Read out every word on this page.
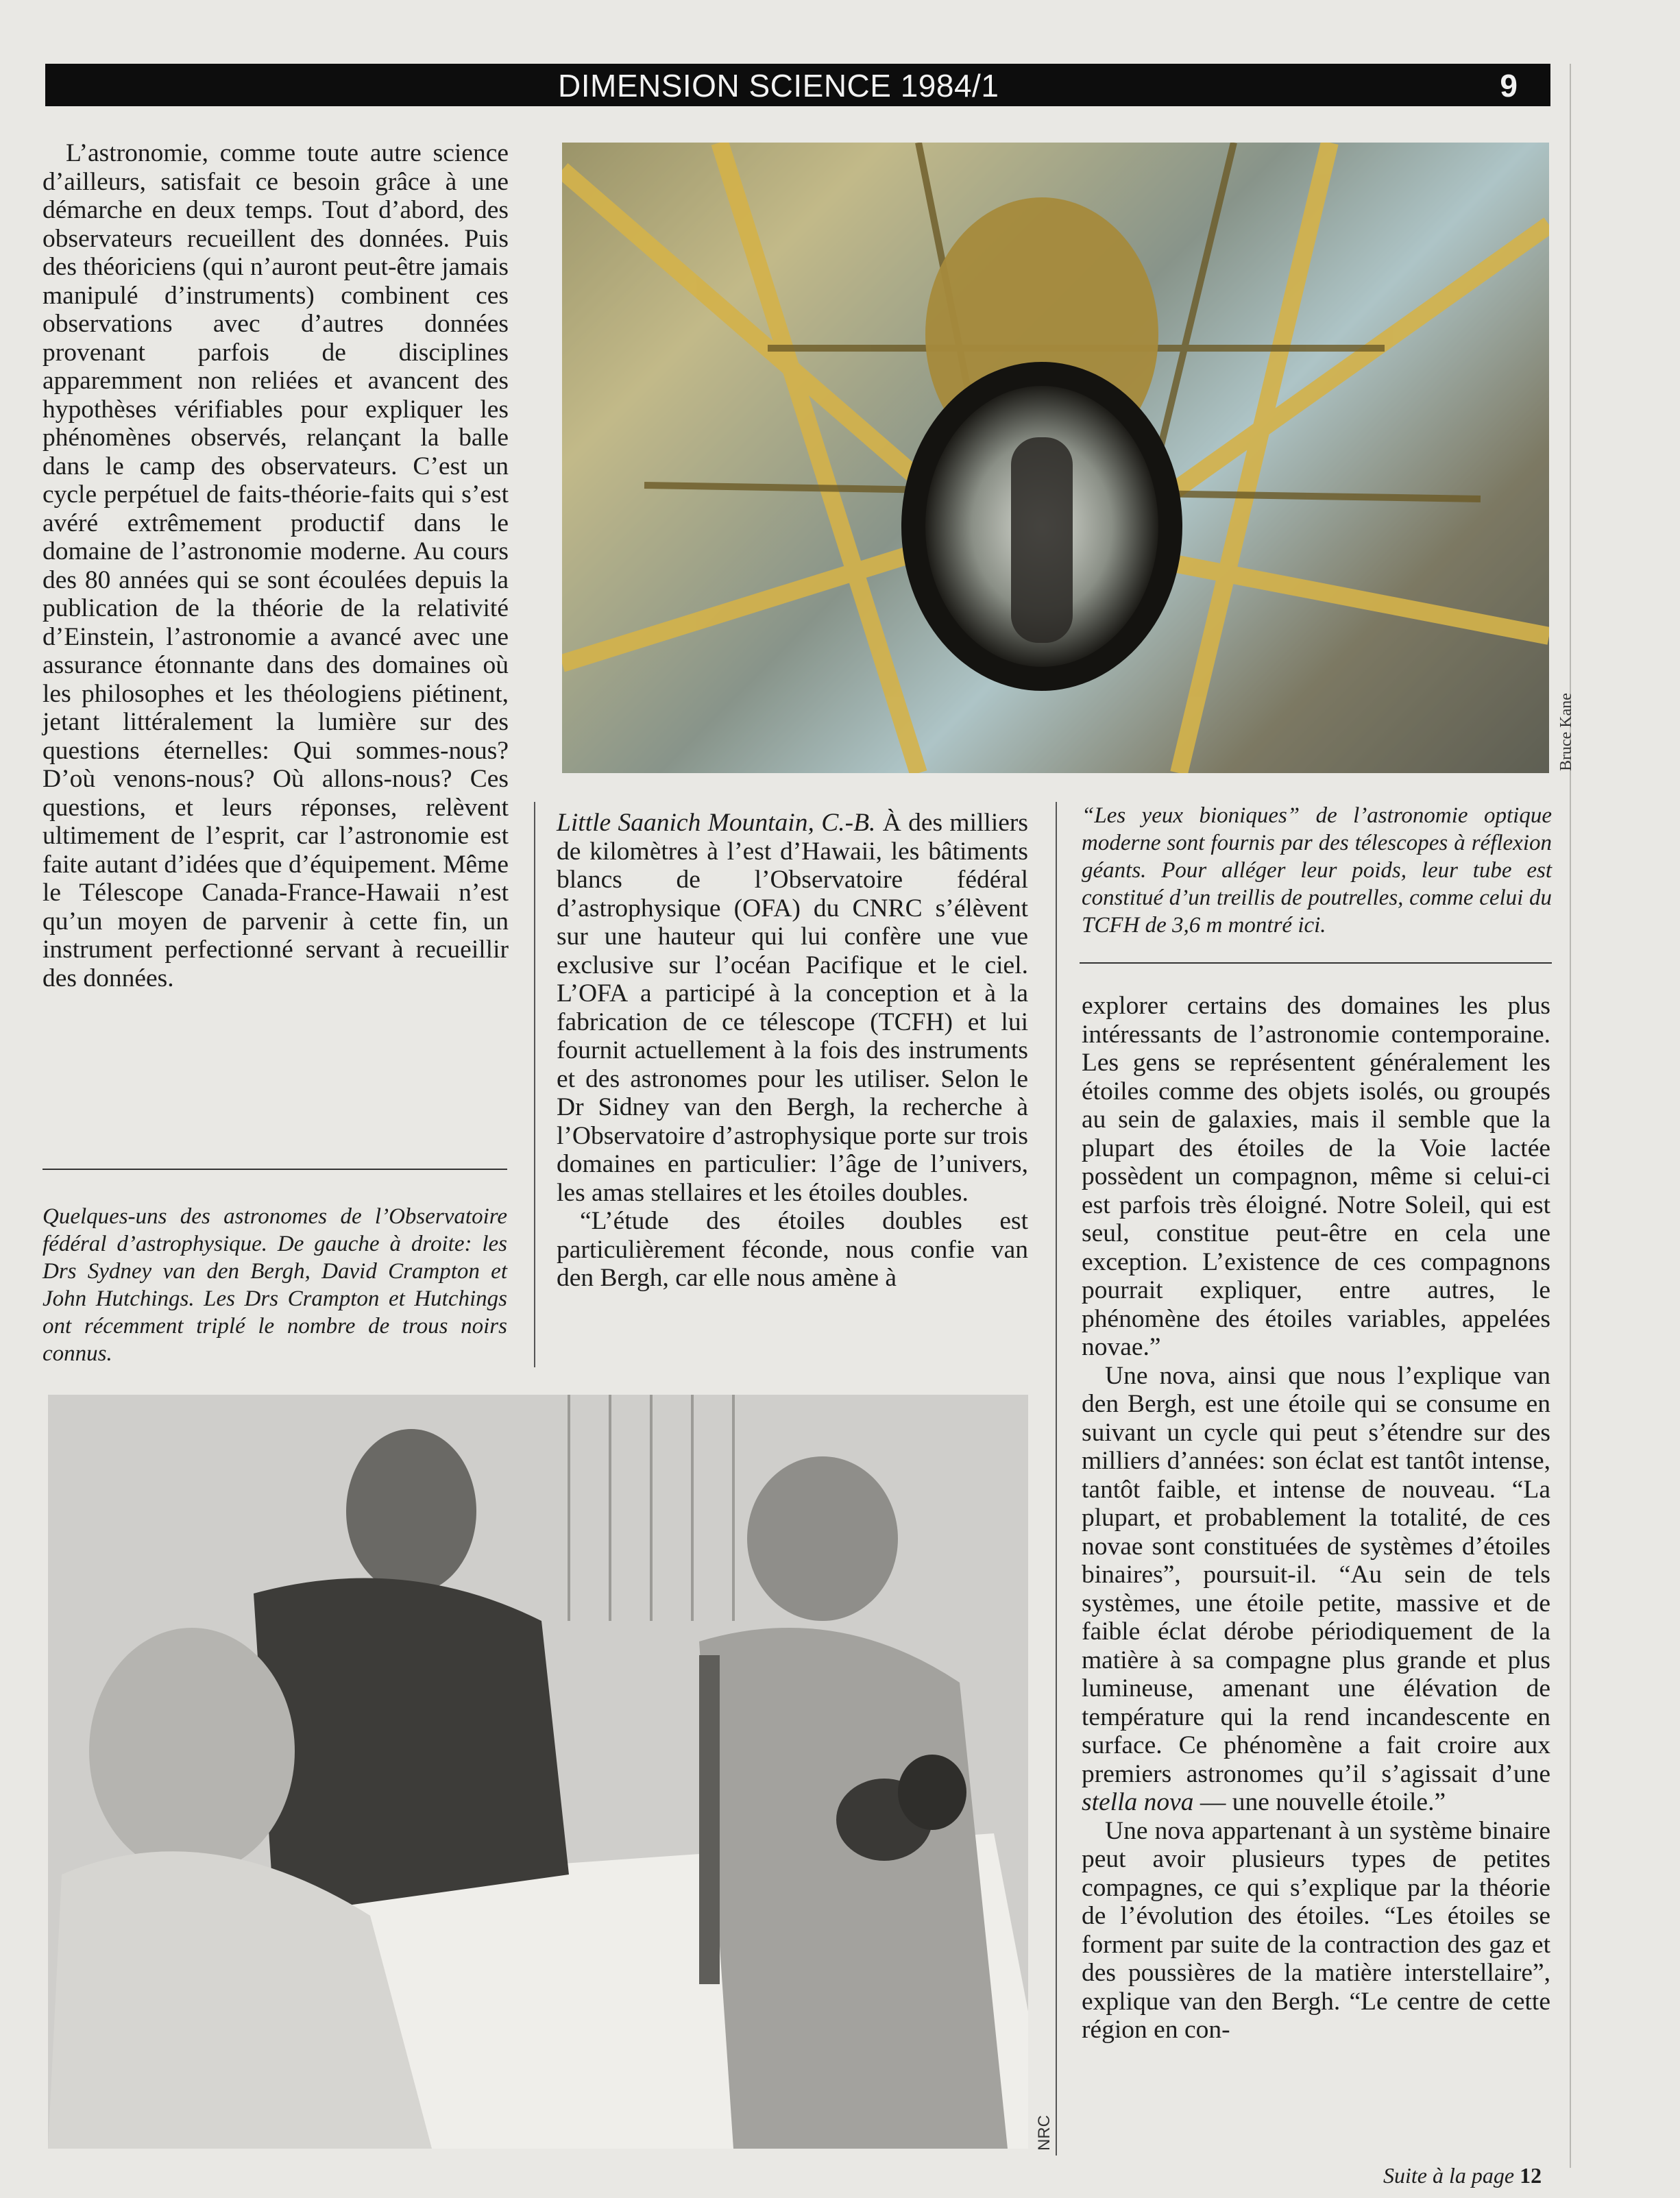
DIMENSION SCIENCE 1984/1	9

L’astronomie, comme toute autre science d’ailleurs, satisfait ce besoin grâce à une démarche en deux temps. Tout d’abord, des observateurs recueillent des données. Puis des théoriciens (qui n’auront peut-être jamais manipulé d’instruments) combinent ces observations avec d’autres données provenant parfois de disciplines apparemment non reliées et avancent des hypothèses vérifiables pour expliquer les phénomènes observés, relançant la balle dans le camp des observateurs. C’est un cycle perpétuel de faits-théorie-faits qui s’est avéré extrêmement productif dans le domaine de l’astronomie moderne. Au cours des 80 années qui se sont écoulées depuis la publication de la théorie de la relativité d’Einstein, l’astronomie a avancé avec une assurance étonnante dans des domaines où les philosophes et les théologiens piétinent, jetant littéralement la lumière sur des questions éternelles: Qui sommes-nous? D’où venons-nous? Où allons-nous? Ces questions, et leurs réponses, relèvent ultimement de l’esprit, car l’astronomie est faite autant d’idées que d’équipement. Même le Télescope Canada-France-Hawaii n’est qu’un moyen de parvenir à cette fin, un instrument perfectionné servant à recueillir des données.

Quelques-uns des astronomes de l’Observatoire fédéral d’astrophysique. De gauche à droite: les Drs Sydney van den Bergh, David Crampton et John Hutchings. Les Drs Crampton et Hutchings ont récemment triplé le nombre de trous noirs connus.
Bruce Kane
“Les yeux bioniques” de l’astronomie optique moderne sont fournis par des télescopes à réflexion géants. Pour alléger leur poids, leur tube est constitué d’un treillis de poutrelles, comme celui du TCFH de 3,6 m montré ici.

Little Saanich Mountain, C.-B. À des milliers de kilomètres à l’est d’Hawaii, les bâtiments blancs de l’Observatoire fédéral d’astrophysique (OFA) du CNRC s’élèvent sur une hauteur qui lui confère une vue exclusive sur l’océan Pacifique et le ciel. L’OFA a participé à la conception et à la fabrication de ce télescope (TCFH) et lui fournit actuellement à la fois des instruments et des astronomes pour les utiliser. Selon le Dr Sidney van den Bergh, la recherche à l’Observatoire d’astrophysique porte sur trois domaines en particulier: l’âge de l’univers, les amas stellaires et les étoiles doubles.

“L’étude des étoiles doubles est particulièrement féconde, nous confie van den Bergh, car elle nous amène à

explorer certains des domaines les plus intéressants de l’astronomie contemporaine. Les gens se représentent généralement les étoiles comme des objets isolés, ou groupés au sein de galaxies, mais il semble que la plupart des étoiles de la Voie lactée possèdent un compagnon, même si celui-ci est parfois très éloigné. Notre Soleil, qui est seul, constitue peut-être en cela une exception. L’existence de ces compagnons pourrait expliquer, entre autres, le phénomène des étoiles variables, appelées novae.”

Une nova, ainsi que nous l’explique van den Bergh, est une étoile qui se consume en suivant un cycle qui peut s’étendre sur des milliers d’années: son éclat est tantôt intense, tantôt faible, et intense de nouveau. “La plupart, et probablement la totalité, de ces novae sont constituées de systèmes d’étoiles binaires”, poursuit-il. “Au sein de tels systèmes, une étoile petite, massive et de faible éclat dérobe périodiquement de la matière à sa compagne plus grande et plus lumineuse, amenant une élévation de température qui la rend incandescente en surface. Ce phénomène a fait croire aux premiers astronomes qu’il s’agissait d’une stella nova — une nouvelle étoile.”

Une nova appartenant à un système binaire peut avoir plusieurs types de petites compagnes, ce qui s’explique par la théorie de l’évolution des étoiles. “Les étoiles se forment par suite de la contraction des gaz et des poussières de la matière interstellaire”, explique van den Bergh. “Le centre de cette région en con-

NRC
Suite à la page 12
